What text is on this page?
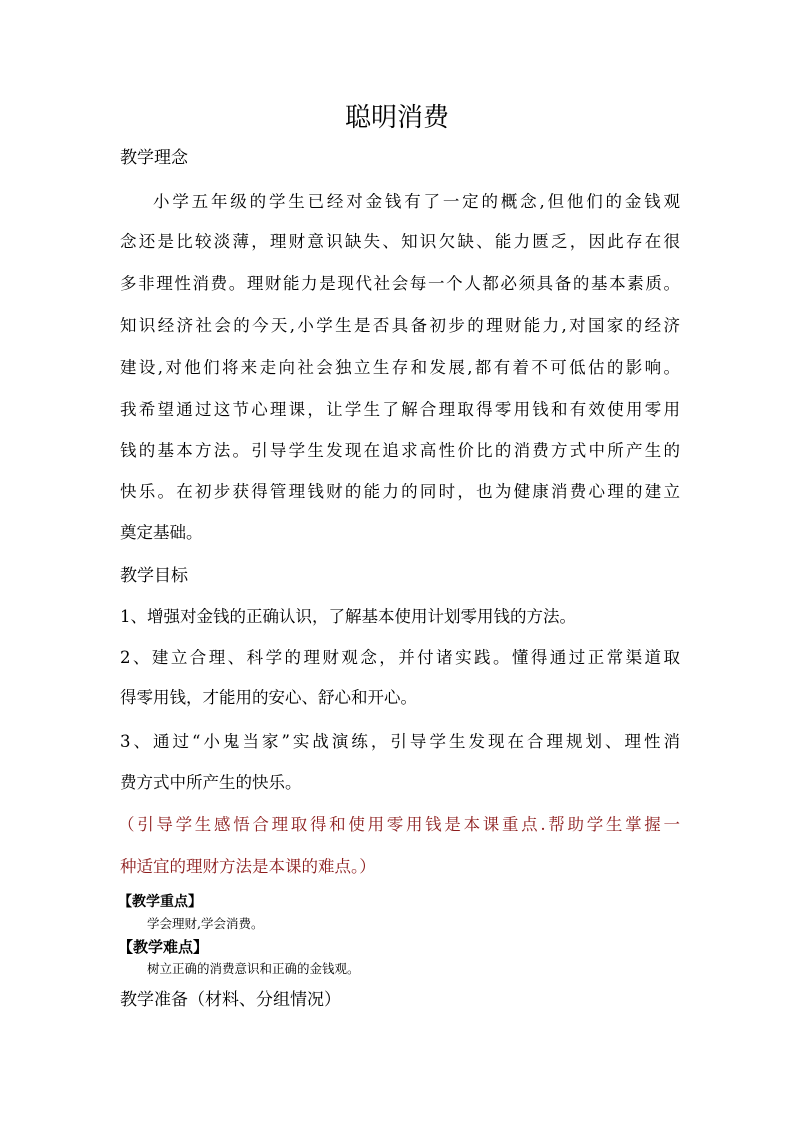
聪明消费
教学理念
小学五年级的学生已经对金钱有了一定的概念,但他们的金钱观
念还是比较淡薄，理财意识缺失、知识欠缺、能力匮乏，因此存在很
多非理性消费。理财能力是现代社会每一个人都必须具备的基本素质。
知识经济社会的今天,小学生是否具备初步的理财能力,对国家的经济
建设,对他们将来走向社会独立生存和发展,都有着不可低估的影响。
我希望通过这节心理课，让学生了解合理取得零用钱和有效使用零用
钱的基本方法。引导学生发现在追求高性价比的消费方式中所产生的
快乐。在初步获得管理钱财的能力的同时，也为健康消费心理的建立
奠定基础。
教学目标
1、增强对金钱的正确认识，了解基本使用计划零用钱的方法。
2、建立合理、科学的理财观念，并付诸实践。懂得通过正常渠道取
得零用钱，才能用的安心、舒心和开心。
3、通过“小鬼当家”实战演练，引导学生发现在合理规划、理性消
费方式中所产生的快乐。
（引导学生感悟合理取得和使用零用钱是本课重点.帮助学生掌握一
种适宜的理财方法是本课的难点。）
【教学重点】
学会理财,学会消费。
【教学难点】
树立正确的消费意识和正确的金钱观。
教学准备（材料、分组情况）
